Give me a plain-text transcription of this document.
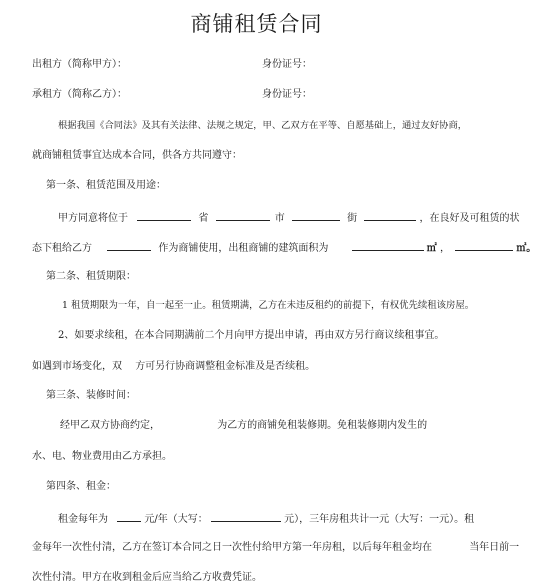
商铺租赁合同
出租方（简称甲方）：	身份证号：
承租方（简称乙方）：	身份证号：
根据我国《合同法》及其有关法律、法规之规定，甲、乙双方在平等、自愿基础上，通过友好协商，
就商铺租赁事宜达成本合同，供各方共同遵守：
第一条、租赁范围及用途：
甲方同意将位于	省	市	街	，在良好及可租赁的状
态下租给乙方	作为商铺使用，出租商铺的建筑面积为	㎡ ，	㎡。
第二条、租赁期限：
1 租赁期限为一年，自一起至一止。租赁期满，乙方在未违反租约的前提下，有权优先续租该房屋。
2、如要求续租，在本合同期满前二个月向甲方提出申请，再由双方另行商议续租事宜。
如遇到市场变化，双 方可另行协商调整租金标准及是否续租。
第三条、装修时间：
经甲乙双方协商约定，	为乙方的商铺免租装修期。免租装修期内发生的
水、电、物业费用由乙方承担。
第四条、租金：
租金每年为	元/年（大写：	元），三年房租共计一元（大写：一元）。租
金每年一次性付清，乙方在签订本合同之日一次性付给甲方第一年房租，以后每年租金均在	当年日前一
次性付清。甲方在收到租金后应当给乙方收费凭证。
